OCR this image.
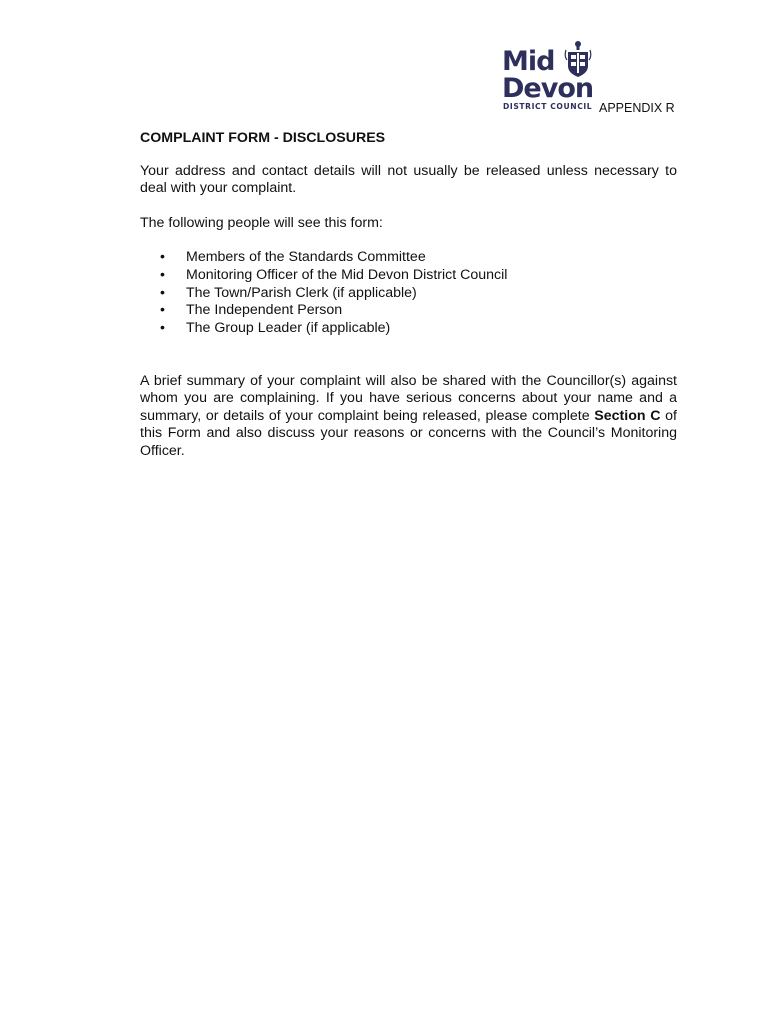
Mid
Devon
DISTRICT COUNCIL APPENDIX R
COMPLAINT FORM - DISCLOSURES

Your address and contact details will not usually be released unless necessary to deal with your complaint.

The following people will see this form:

• Members of the Standards Committee
• Monitoring Officer of the Mid Devon District Council
• The Town/Parish Clerk (if applicable)
• The Independent Person
• The Group Leader (if applicable)

A brief summary of your complaint will also be shared with the Councillor(s) against whom you are complaining. If you have serious concerns about your name and a summary, or details of your complaint being released, please complete Section C of this Form and also discuss your reasons or concerns with the Council’s Monitoring Officer.
